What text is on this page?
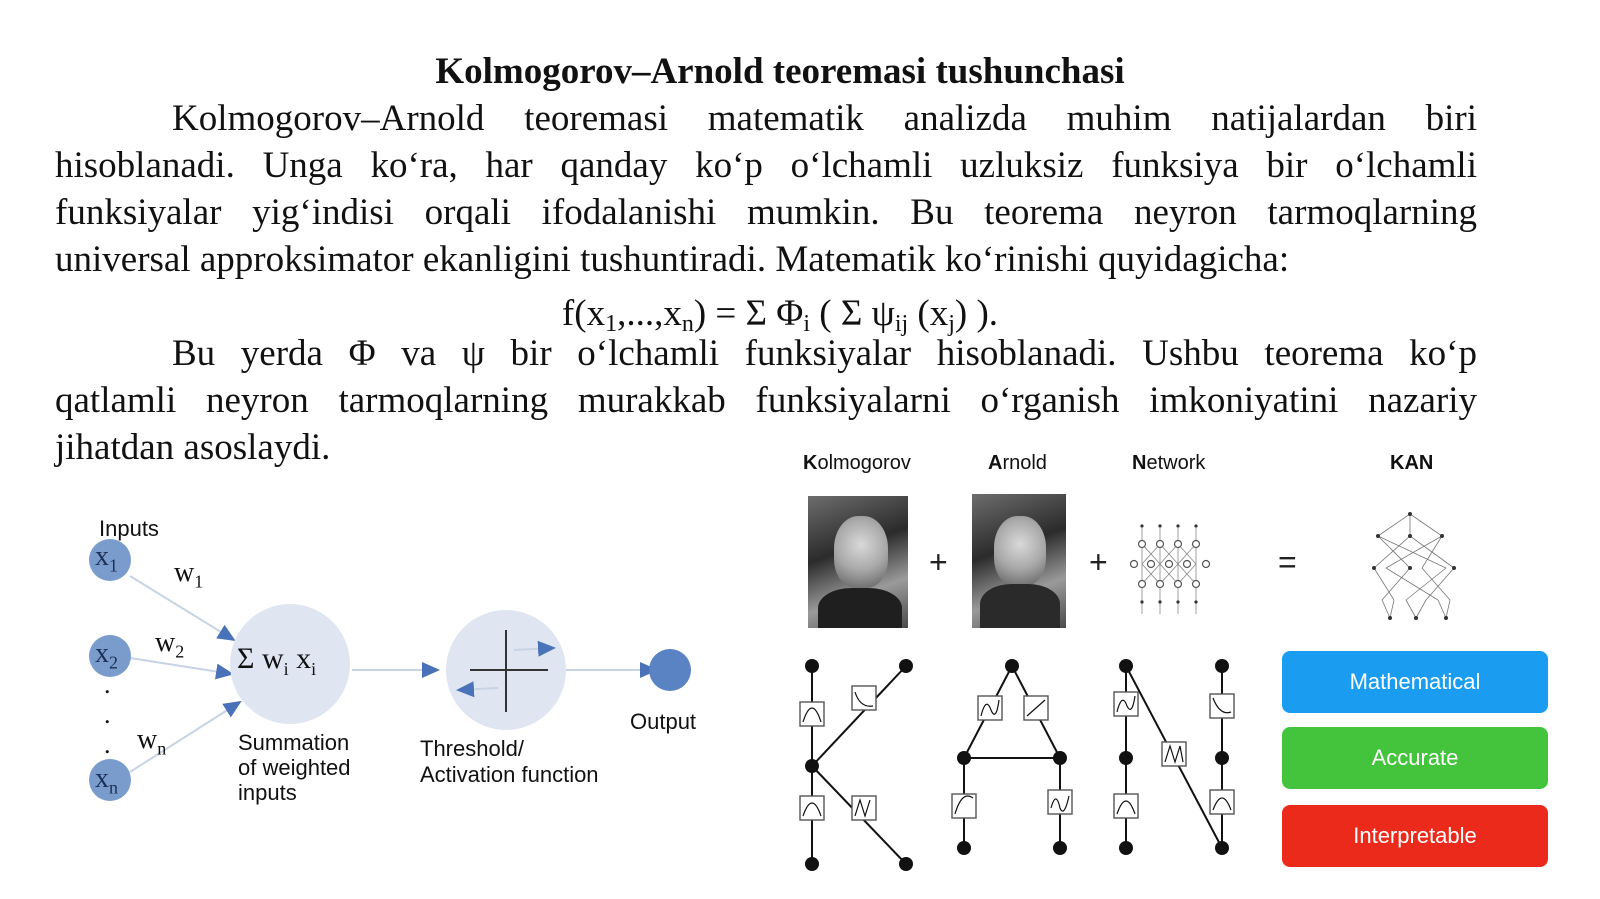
Kolmogorov–Arnold teoremasi tushunchasi
Kolmogorov–Arnold teoremasi matematik analizda muhim natijalardan biri
hisoblanadi. Unga ko‘ra, har qanday ko‘p o‘lchamli uzluksiz funksiya bir o‘lchamli
funksiyalar yig‘indisi orqali ifodalanishi mumkin. Bu teorema neyron tarmoqlarning
universal approksimator ekanligini tushuntiradi. Matematik ko‘rinishi quyidagicha:
$f(x_1,...,x_n) = \Sigma$ $\Phi_i$ ( Σ $\psi_{ij}$ $(x_j)$ ).
Bu yerda Φ va ψ bir o‘lchamli funksiyalar hisoblanadi. Ushbu teorema ko‘p
qatlamli neyron tarmoqlarning murakkab funksiyalarni o‘rganish imkoniyatini nazariy
jihatdan asoslaydi.
Inputs
$x_1$
$x_2$
$x_n$
.
.
.
$w_1$
$w_2$
$w_n$
Σ $w_i$ $x_i$
Summation
of weighted
inputs
Threshold/
Activation function
Output
Kolmogorov	Arnold	Network	KAN
+	+	=
Mathematical
Accurate
Interpretable
